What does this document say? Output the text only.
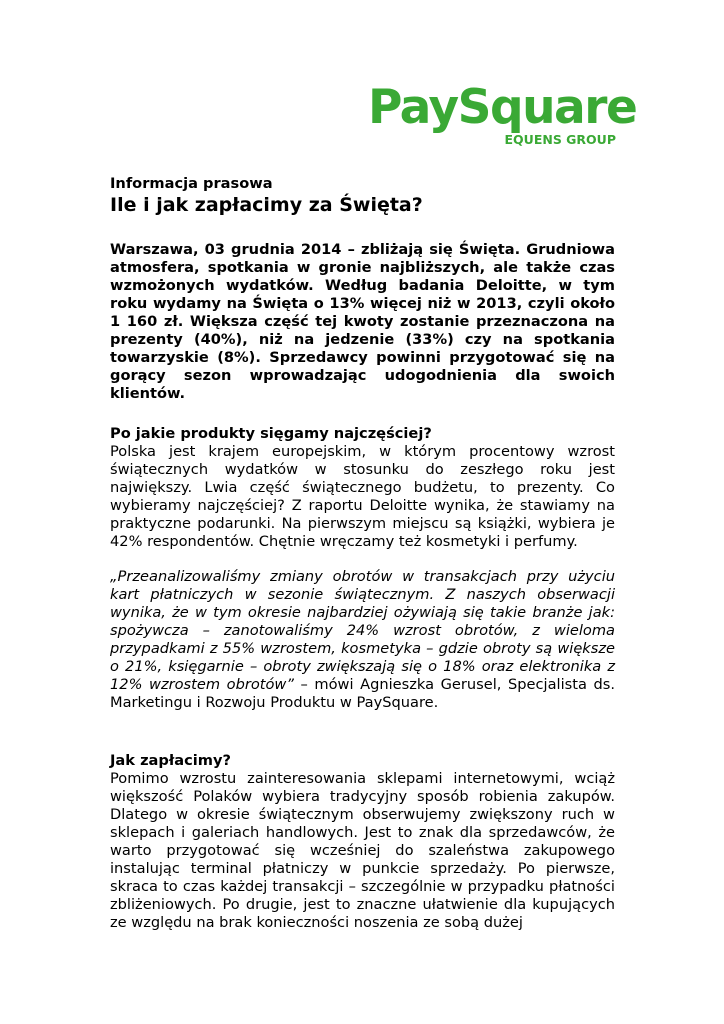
PaySquare
EQUENS GROUP

Informacja prasowa

Ile i jak zapłacimy za Święta?

Warszawa, 03 grudnia 2014 – zbliżają się Święta. Grudniowa atmosfera, spotkania w gronie najbliższych, ale także czas wzmożonych wydatków. Według badania Deloitte, w tym roku wydamy na Święta o 13% więcej niż w 2013, czyli około 1 160 zł. Większa część tej kwoty zostanie przeznaczona na prezenty (40%), niż na jedzenie (33%) czy na spotkania towarzyskie (8%). Sprzedawcy powinni przygotować się na gorący sezon wprowadzając udogodnienia dla swoich klientów.

Po jakie produkty sięgamy najczęściej?

Polska jest krajem europejskim, w którym procentowy wzrost świątecznych wydatków w stosunku do zeszłego roku jest największy. Lwia część świątecznego budżetu, to prezenty. Co wybieramy najczęściej? Z raportu Deloitte wynika, że stawiamy na praktyczne podarunki. Na pierwszym miejscu są książki, wybiera je 42% respondentów. Chętnie wręczamy też kosmetyki i perfumy.

„Przeanalizowaliśmy zmiany obrotów w transakcjach przy użyciu kart płatniczych w sezonie świątecznym. Z naszych obserwacji wynika, że w tym okresie najbardziej ożywiają się takie branże jak: spożywcza – zanotowaliśmy 24% wzrost obrotów, z wieloma przypadkami z 55% wzrostem, kosmetyka – gdzie obroty są większe o 21%, księgarnie – obroty zwiększają się o 18% oraz elektronika z 12% wzrostem obrotów” – mówi Agnieszka Gerusel, Specjalista ds. Marketingu i Rozwoju Produktu w PaySquare.

Jak zapłacimy?

Pomimo wzrostu zainteresowania sklepami internetowymi, wciąż większość Polaków wybiera tradycyjny sposób robienia zakupów. Dlatego w okresie świątecznym obserwujemy zwiększony ruch w sklepach i galeriach handlowych. Jest to znak dla sprzedawców, że warto przygotować się wcześniej do szaleństwa zakupowego instalując terminal płatniczy w punkcie sprzedaży. Po pierwsze, skraca to czas każdej transakcji – szczególnie w przypadku płatności zbliżeniowych. Po drugie, jest to znaczne ułatwienie dla kupujących ze względu na brak konieczności noszenia ze sobą dużej
